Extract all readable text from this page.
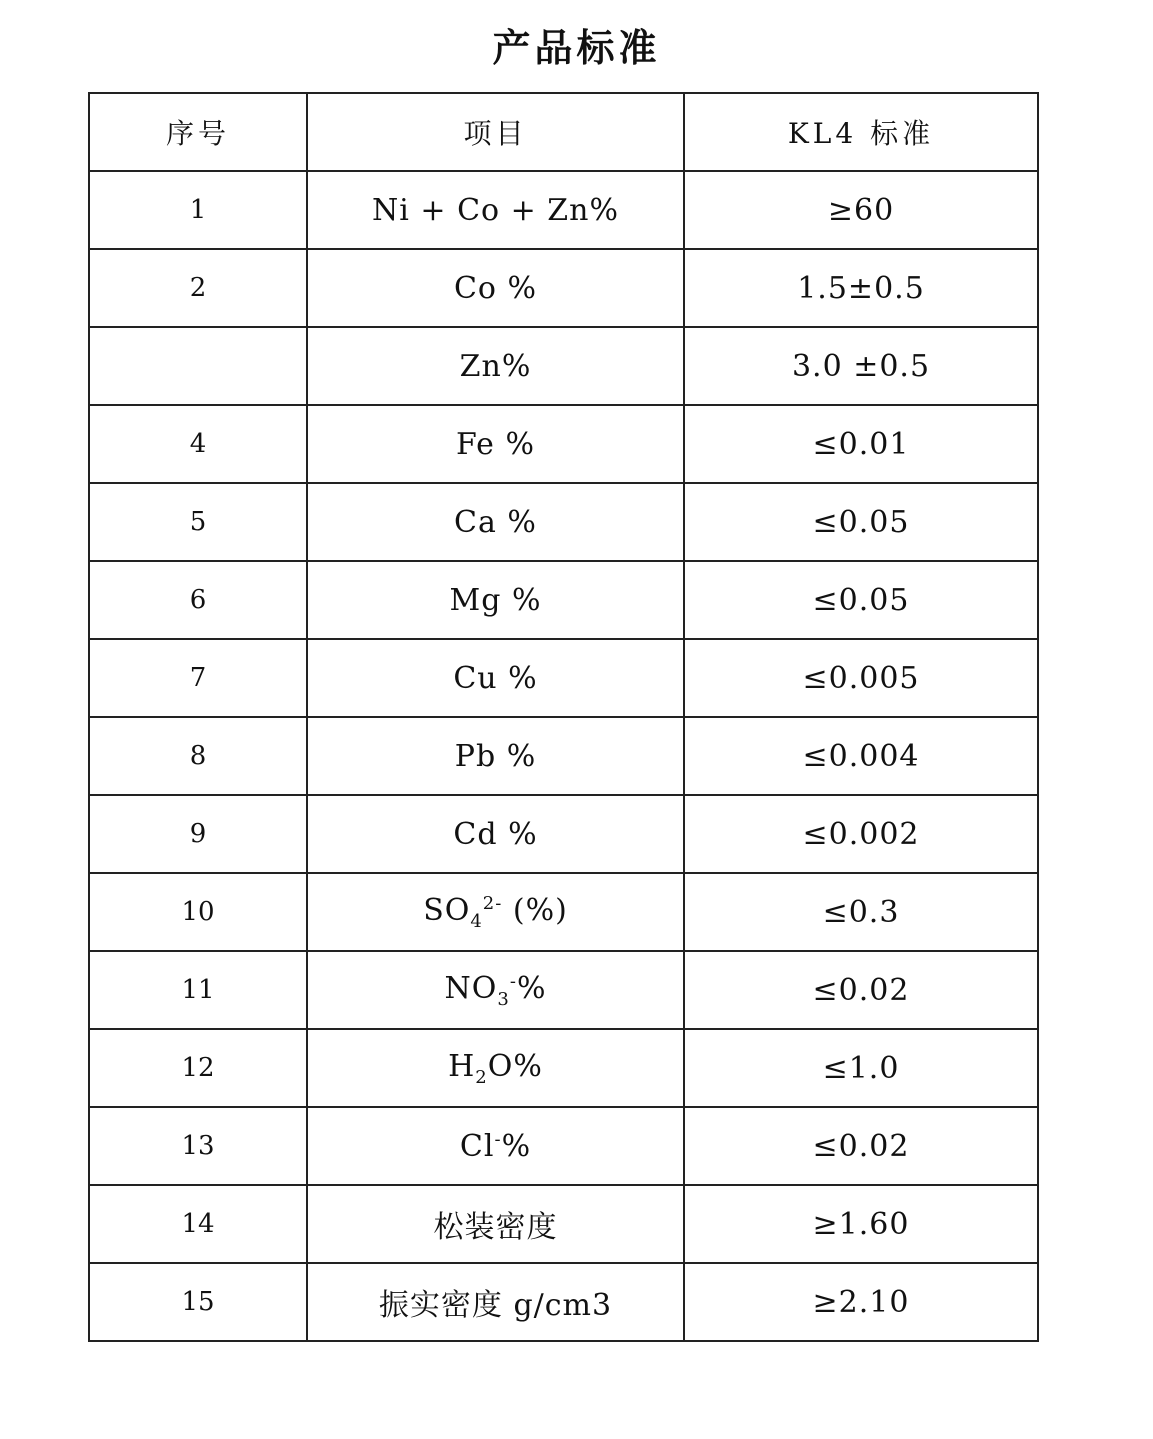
产品标准
序号	项目	KL4 标准
1	Ni + Co + Zn%	≥60
2	Co %	1.5±0.5
	Zn%	3.0 ±0.5
4	Fe %	≤0.01
5	Ca %	≤0.05
6	Mg %	≤0.05
7	Cu %	≤0.005
8	Pb %	≤0.004
9	Cd %	≤0.002
10	$SO_4^{2-}$ (%)	≤0.3
11	$NO_3^-\%$	≤0.02
12	$H_2O\%$	≤1.0
13	Cl-%	≤0.02
14	松装密度	≥1.60
15	振实密度 g/cm3	≥2.10
